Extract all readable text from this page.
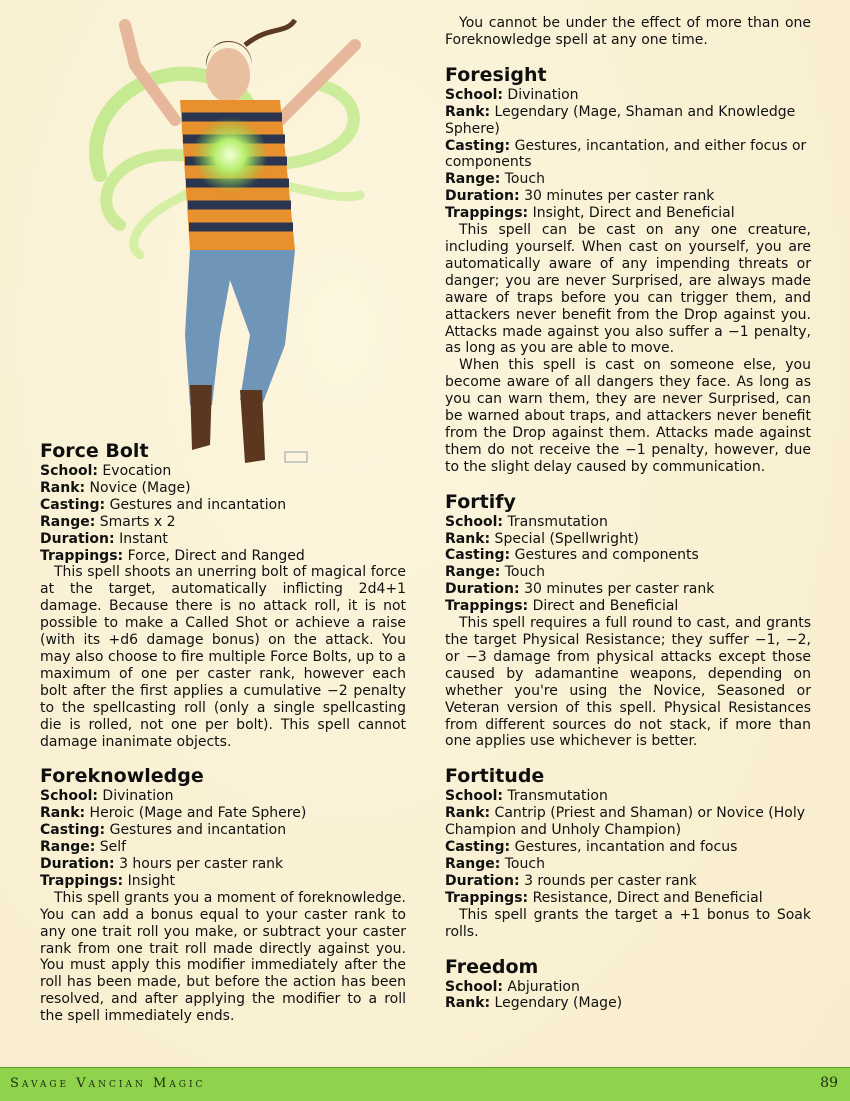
Force Bolt

School: Evocation

Rank: Novice (Mage)

Casting: Gestures and incantation

Range: Smarts x 2

Duration: Instant

Trappings: Force, Direct and Ranged

This spell shoots an unerring bolt of magical force at the target, automatically inflicting 2d4+1 damage. Because there is no attack roll, it is not possible to make a Called Shot or achieve a raise (with its +d6 damage bonus) on the attack. You may also choose to fire multiple Force Bolts, up to a maximum of one per caster rank, however each bolt after the first applies a cumulative −2 penalty to the spellcasting roll (only a single spellcasting die is rolled, not one per bolt). This spell cannot damage inanimate objects.

Foreknowledge

School: Divination

Rank: Heroic (Mage and Fate Sphere)

Casting: Gestures and incantation

Range: Self

Duration: 3 hours per caster rank

Trappings: Insight

This spell grants you a moment of foreknowledge. You can add a bonus equal to your caster rank to any one trait roll you make, or subtract your caster rank from one trait roll made directly against you. You must apply this modifier immediately after the roll has been made, but before the action has been resolved, and after applying the modifier to a roll the spell immediately ends.

You cannot be under the effect of more than one Foreknowledge spell at any one time.

Foresight

School: Divination

Rank: Legendary (Mage, Shaman and Knowledge Sphere)

Casting: Gestures, incantation, and either focus or components

Range: Touch

Duration: 30 minutes per caster rank

Trappings: Insight, Direct and Beneficial

This spell can be cast on any one creature, including yourself. When cast on yourself, you are automatically aware of any impending threats or danger; you are never Surprised, are always made aware of traps before you can trigger them, and attackers never benefit from the Drop against you. Attacks made against you also suffer a −1 penalty, as long as you are able to move.

When this spell is cast on someone else, you become aware of all dangers they face. As long as you can warn them, they are never Surprised, can be warned about traps, and attackers never benefit from the Drop against them. Attacks made against them do not receive the −1 penalty, however, due to the slight delay caused by communication.

Fortify

School: Transmutation

Rank: Special (Spellwright)

Casting: Gestures and components

Range: Touch

Duration: 30 minutes per caster rank

Trappings: Direct and Beneficial

This spell requires a full round to cast, and grants the target Physical Resistance; they suffer −1, −2, or −3 damage from physical attacks except those caused by adamantine weapons, depending on whether you're using the Novice, Seasoned or Veteran version of this spell. Physical Resistances from different sources do not stack, if more than one applies use whichever is better.

Fortitude

School: Transmutation

Rank: Cantrip (Priest and Shaman) or Novice (Holy Champion and Unholy Champion)

Casting: Gestures, incantation and focus

Range: Touch

Duration: 3 rounds per caster rank

Trappings: Resistance, Direct and Beneficial

This spell grants the target a +1 bonus to Soak rolls.

Freedom

School: Abjuration

Rank: Legendary (Mage)

Savage Vancian Magic	89
